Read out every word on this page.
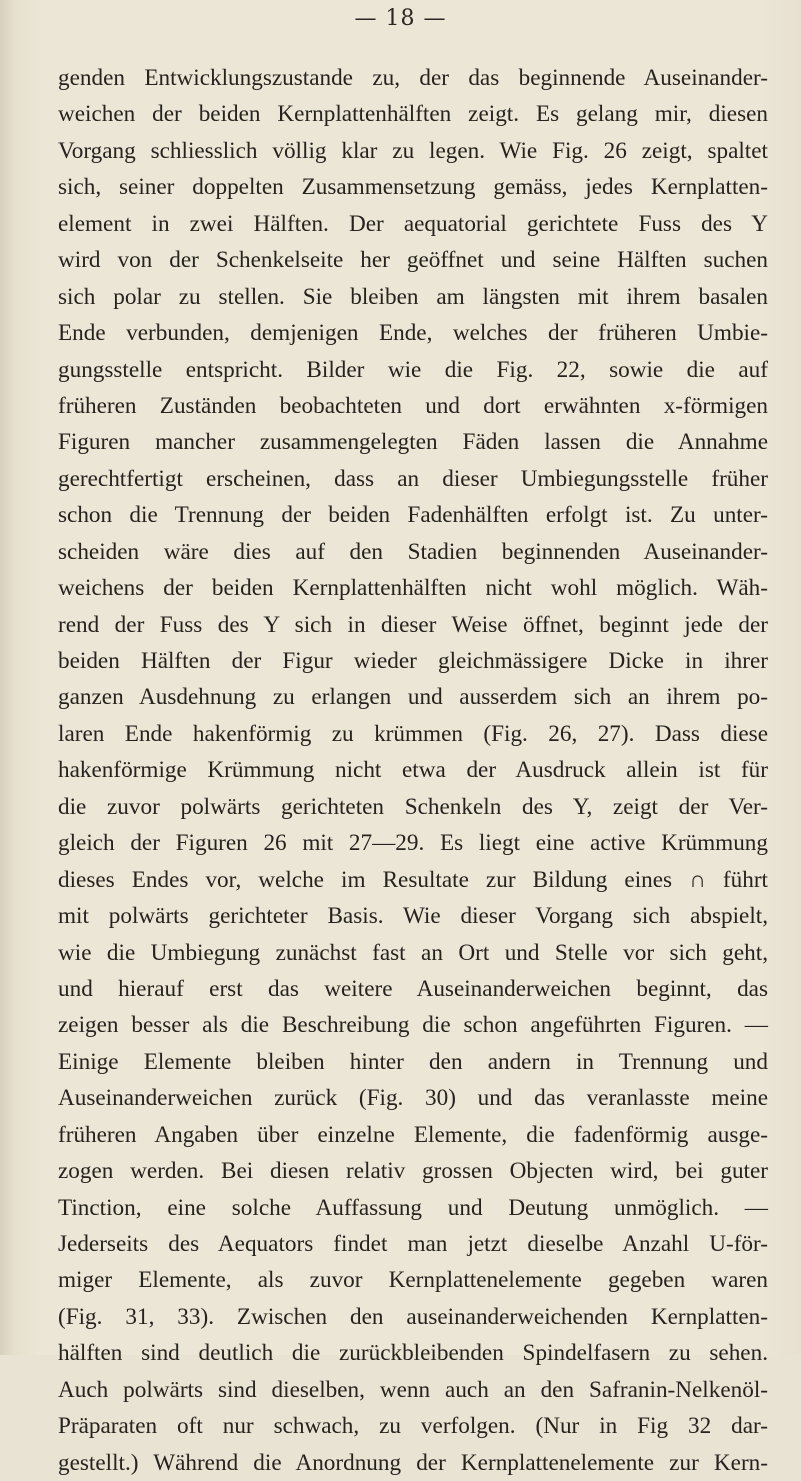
— 18 —
genden Entwicklungszustande zu, der das beginnende Auseinander-
weichen der beiden Kernplattenhälften zeigt. Es gelang mir, diesen
Vorgang schliesslich völlig klar zu legen. Wie Fig. 26 zeigt, spaltet
sich, seiner doppelten Zusammensetzung gemäss, jedes Kernplatten-
element in zwei Hälften. Der aequatorial gerichtete Fuss des Y
wird von der Schenkelseite her geöffnet und seine Hälften suchen
sich polar zu stellen. Sie bleiben am längsten mit ihrem basalen
Ende verbunden, demjenigen Ende, welches der früheren Umbie-
gungsstelle entspricht. Bilder wie die Fig. 22, sowie die auf
früheren Zuständen beobachteten und dort erwähnten x-förmigen
Figuren mancher zusammengelegten Fäden lassen die Annahme
gerechtfertigt erscheinen, dass an dieser Umbiegungsstelle früher
schon die Trennung der beiden Fadenhälften erfolgt ist. Zu unter-
scheiden wäre dies auf den Stadien beginnenden Auseinander-
weichens der beiden Kernplattenhälften nicht wohl möglich. Wäh-
rend der Fuss des Y sich in dieser Weise öffnet, beginnt jede der
beiden Hälften der Figur wieder gleichmässigere Dicke in ihrer
ganzen Ausdehnung zu erlangen und ausserdem sich an ihrem po-
laren Ende hakenförmig zu krümmen (Fig. 26, 27). Dass diese
hakenförmige Krümmung nicht etwa der Ausdruck allein ist für
die zuvor polwärts gerichteten Schenkeln des Y, zeigt der Ver-
gleich der Figuren 26 mit 27—29. Es liegt eine active Krümmung
dieses Endes vor, welche im Resultate zur Bildung eines ∩ führt
mit polwärts gerichteter Basis. Wie dieser Vorgang sich abspielt,
wie die Umbiegung zunächst fast an Ort und Stelle vor sich geht,
und hierauf erst das weitere Auseinanderweichen beginnt, das
zeigen besser als die Beschreibung die schon angeführten Figuren. —
Einige Elemente bleiben hinter den andern in Trennung und
Auseinanderweichen zurück (Fig. 30) und das veranlasste meine
früheren Angaben über einzelne Elemente, die fadenförmig ausge-
zogen werden. Bei diesen relativ grossen Objecten wird, bei guter
Tinction, eine solche Auffassung und Deutung unmöglich. —
Jederseits des Aequators findet man jetzt dieselbe Anzahl U-för-
miger Elemente, als zuvor Kernplattenelemente gegeben waren
(Fig. 31, 33). Zwischen den auseinanderweichenden Kernplatten-
hälften sind deutlich die zurückbleibenden Spindelfasern zu sehen.
Auch polwärts sind dieselben, wenn auch an den Safranin-Nelkenöl-
Präparaten oft nur schwach, zu verfolgen. (Nur in Fig 32 dar-
gestellt.) Während die Anordnung der Kernplattenelemente zur Kern-
